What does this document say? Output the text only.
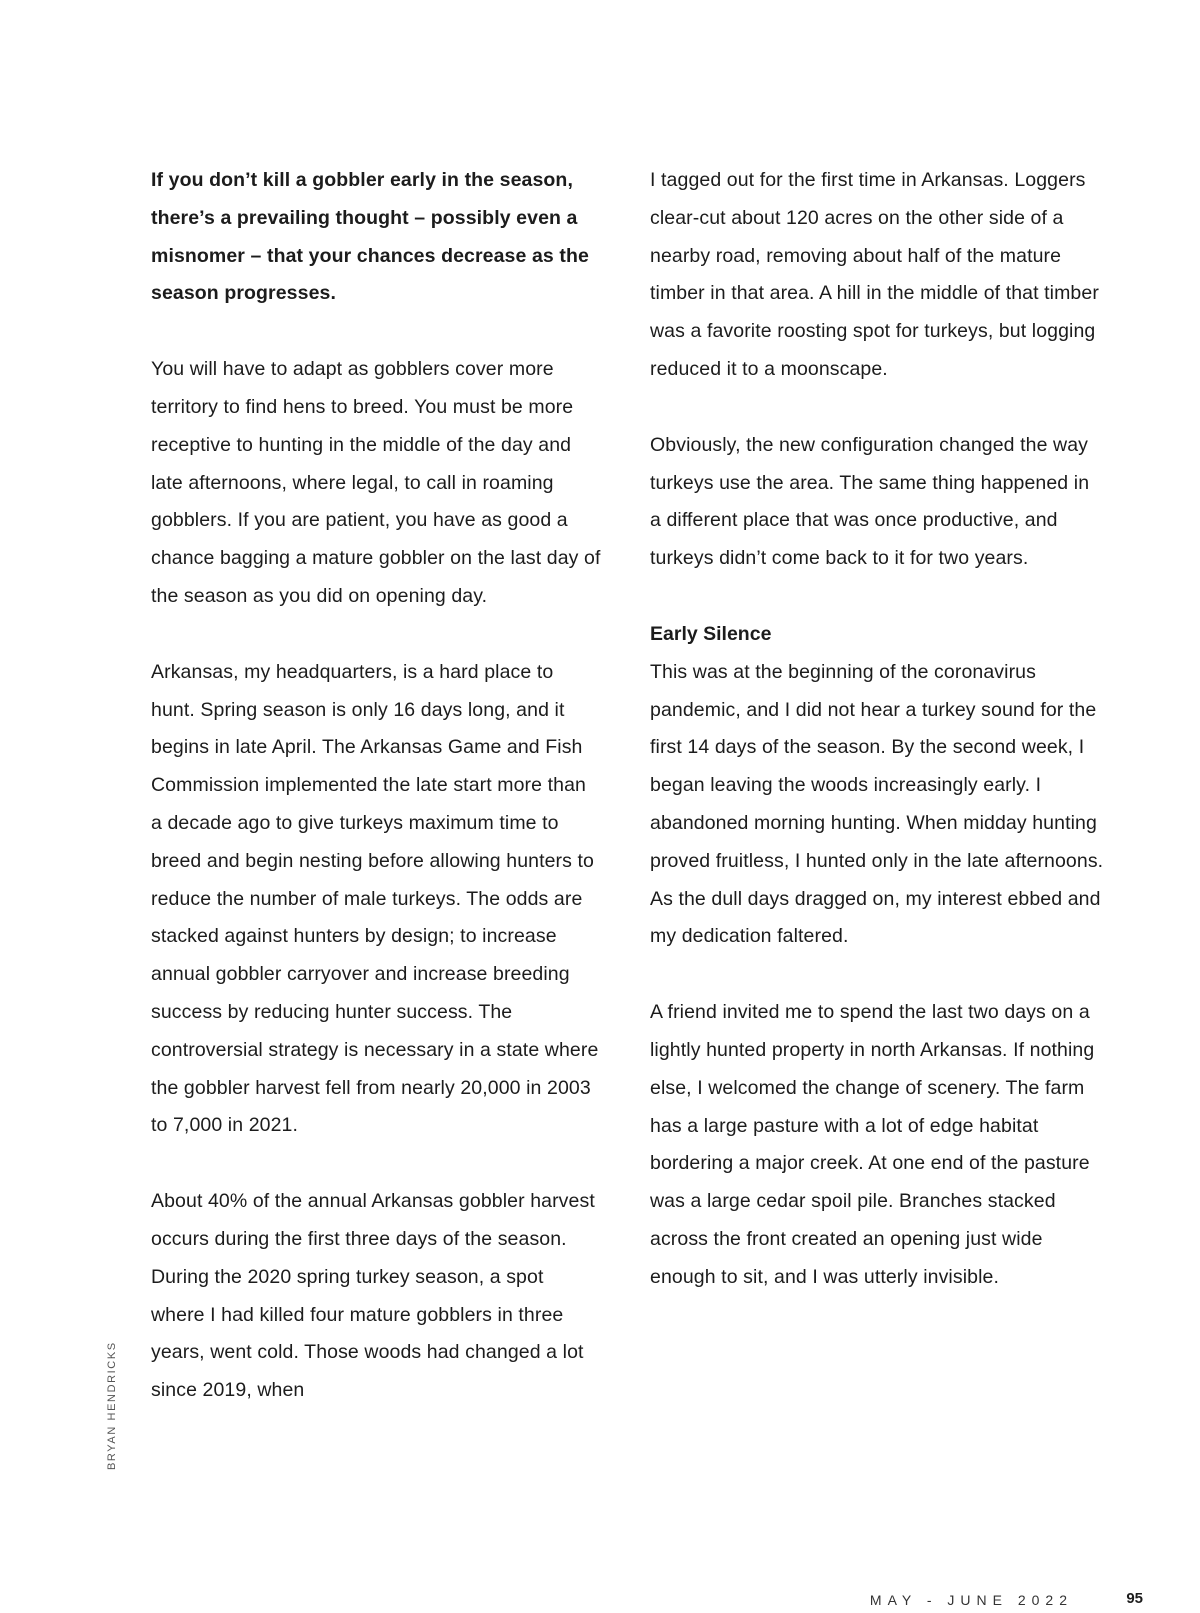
If you don’t kill a gobbler early in the season, there’s a prevailing thought – possibly even a misnomer – that your chances decrease as the season progresses.

You will have to adapt as gobblers cover more territory to find hens to breed. You must be more receptive to hunting in the middle of the day and late afternoons, where legal, to call in roaming gobblers. If you are patient, you have as good a chance bagging a mature gobbler on the last day of the season as you did on opening day.

Arkansas, my headquarters, is a hard place to hunt. Spring season is only 16 days long, and it begins in late April. The Arkansas Game and Fish Commission implemented the late start more than a decade ago to give turkeys maximum time to breed and begin nesting before allowing hunters to reduce the number of male turkeys. The odds are stacked against hunters by design; to increase annual gobbler carryover and increase breeding success by reducing hunter success. The controversial strategy is necessary in a state where the gobbler harvest fell from nearly 20,000 in 2003 to 7,000 in 2021.

About 40% of the annual Arkansas gobbler harvest occurs during the first three days of the season. During the 2020 spring turkey season, a spot where I had killed four mature gobblers in three years, went cold. Those woods had changed a lot since 2019, when

I tagged out for the first time in Arkansas. Loggers clear-cut about 120 acres on the other side of a nearby road, removing about half of the mature timber in that area. A hill in the middle of that timber was a favorite roosting spot for turkeys, but logging reduced it to a moonscape.

Obviously, the new configuration changed the way turkeys use the area. The same thing happened in a different place that was once productive, and turkeys didn’t come back to it for two years.

Early Silence

This was at the beginning of the coronavirus pandemic, and I did not hear a turkey sound for the first 14 days of the season. By the second week, I began leaving the woods increasingly early. I abandoned morning hunting. When midday hunting proved fruitless, I hunted only in the late afternoons. As the dull days dragged on, my interest ebbed and my dedication faltered.

A friend invited me to spend the last two days on a lightly hunted property in north Arkansas. If nothing else, I welcomed the change of scenery. The farm has a large pasture with a lot of edge habitat bordering a major creek. At one end of the pasture was a large cedar spoil pile. Branches stacked across the front created an opening just wide enough to sit, and I was utterly invisible.

BRYAN HENDRICKS
MAY - JUNE 2022	95
